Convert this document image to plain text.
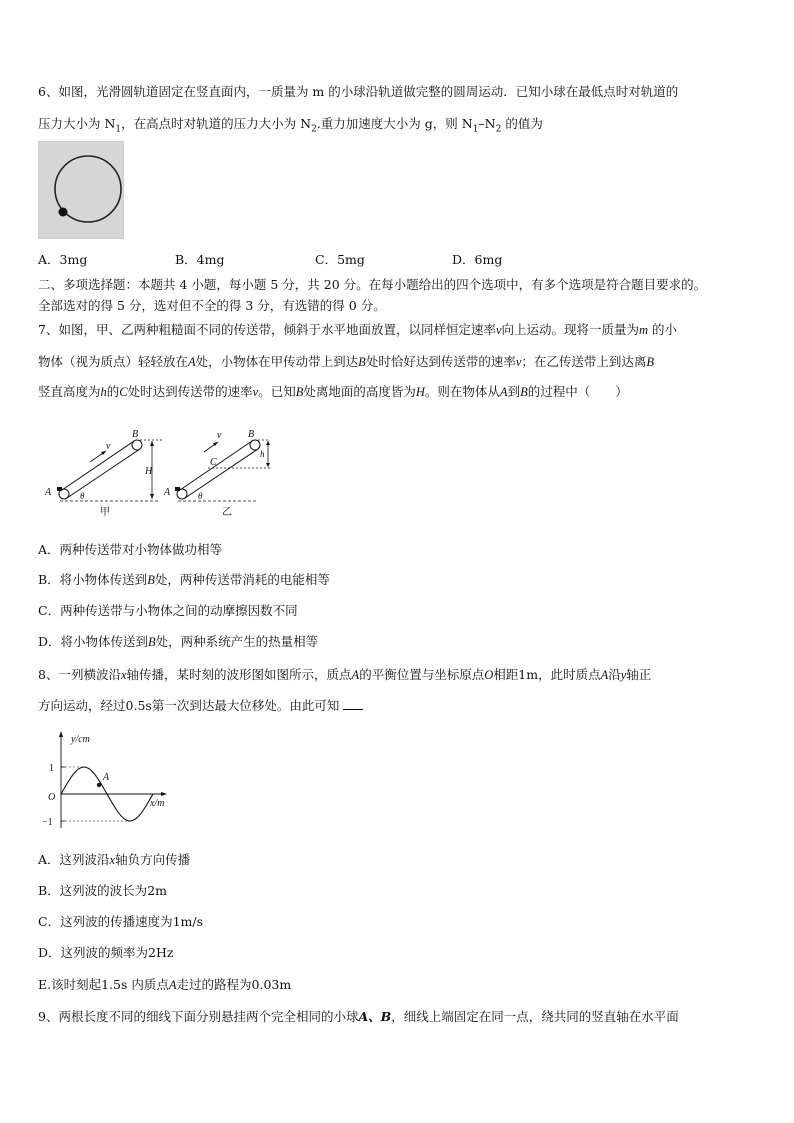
6、如图，光滑圆轨道固定在竖直面内，一质量为 m 的小球沿轨道做完整的圆周运动．已知小球在最低点时对轨道的
压力大小为 $N_1$，在高点时对轨道的压力大小为 $N_2$.重力加速度大小为 g，则 $N_1-N_2$ 的值为
A．3mg	B．4mg	C．5mg	D．6mg
二、多项选择题：本题共 4 小题，每小题 5 分，共 20 分。在每小题给出的四个选项中，有多个选项是符合题目要求的。
全部选对的得 5 分，选对但不全的得 3 分，有选错的得 0 分。
7、如图，甲、乙两种粗糙面不同的传送带，倾斜于水平地面放置，以同样恒定速率v向上运动。现将一质量为m 的小
物体（视为质点）轻轻放在A处，小物体在甲传动带上到达B处时恰好达到传送带的速率v；在乙传送带上到达离B
竖直高度为h的C处时达到传送带的速率v。已知B处离地面的高度皆为H。则在物体从A到B的过程中（　　）
B
A
v
H
θ
甲
B
A
v
C
h
θ
乙
A．两种传送带对小物体做功相等
B．将小物体传送到B处，两种传送带消耗的电能相等
C．两种传送带与小物体之间的动摩擦因数不同
D．将小物体传送到B处，两种系统产生的热量相等
8、一列横波沿x轴传播，某时刻的波形图如图所示，质点A的平衡位置与坐标原点O相距1m，此时质点A沿y轴正
方向运动，经过0.5s第一次到达最大位移处。由此可知
y/cm
x/m
1
−1
O
A
A．这列波沿x轴负方向传播
B．这列波的波长为2m
C．这列波的传播速度为1m/s
D．这列波的频率为2Hz
E.该时刻起1.5s 内质点A走过的路程为0.03m
9、两根长度不同的细线下面分别悬挂两个完全相同的小球A、B，细线上端固定在同一点，绕共同的竖直轴在水平面
